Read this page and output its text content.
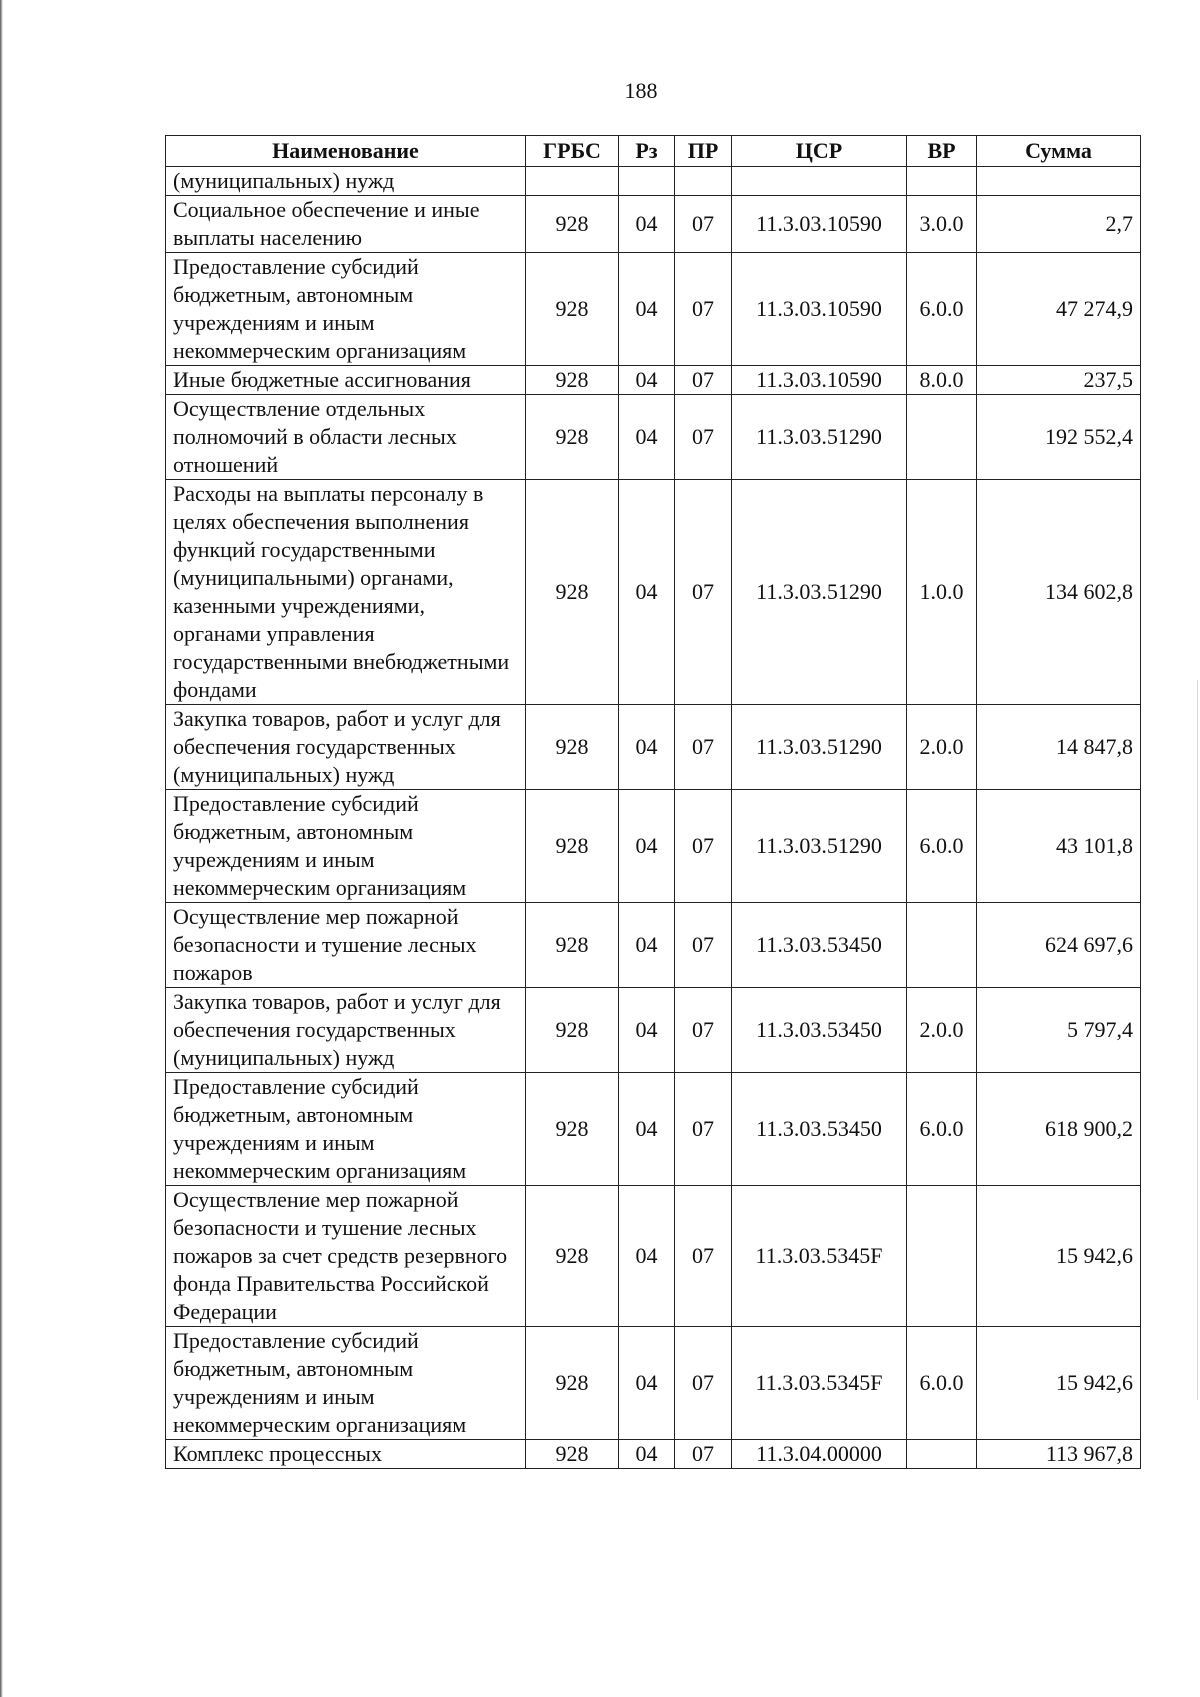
188
Наименование	ГРБС	Рз	ПР	ЦСР	ВР	Сумма
(муниципальных) нужд						
Социальное обеспечение и иные выплаты населению	928	04	07	11.3.03.10590	3.0.0	2,7
Предоставление субсидий бюджетным, автономным учреждениям и иным некоммерческим организациям	928	04	07	11.3.03.10590	6.0.0	47 274,9
Иные бюджетные ассигнования	928	04	07	11.3.03.10590	8.0.0	237,5
Осуществление отдельных полномочий в области лесных отношений	928	04	07	11.3.03.51290		192 552,4
Расходы на выплаты персоналу в целях обеспечения выполнения функций государственными (муниципальными) органами, казенными учреждениями, органами управления государственными внебюджетными фондами	928	04	07	11.3.03.51290	1.0.0	134 602,8
Закупка товаров, работ и услуг для обеспечения государственных (муниципальных) нужд	928	04	07	11.3.03.51290	2.0.0	14 847,8
Предоставление субсидий бюджетным, автономным учреждениям и иным некоммерческим организациям	928	04	07	11.3.03.51290	6.0.0	43 101,8
Осуществление мер пожарной безопасности и тушение лесных пожаров	928	04	07	11.3.03.53450		624 697,6
Закупка товаров, работ и услуг для обеспечения государственных (муниципальных) нужд	928	04	07	11.3.03.53450	2.0.0	5 797,4
Предоставление субсидий бюджетным, автономным учреждениям и иным некоммерческим организациям	928	04	07	11.3.03.53450	6.0.0	618 900,2
Осуществление мер пожарной безопасности и тушение лесных пожаров за счет средств резервного фонда Правительства Российской Федерации	928	04	07	11.3.03.5345F		15 942,6
Предоставление субсидий бюджетным, автономным учреждениям и иным некоммерческим организациям	928	04	07	11.3.03.5345F	6.0.0	15 942,6
Комплекс процессных	928	04	07	11.3.04.00000		113 967,8
